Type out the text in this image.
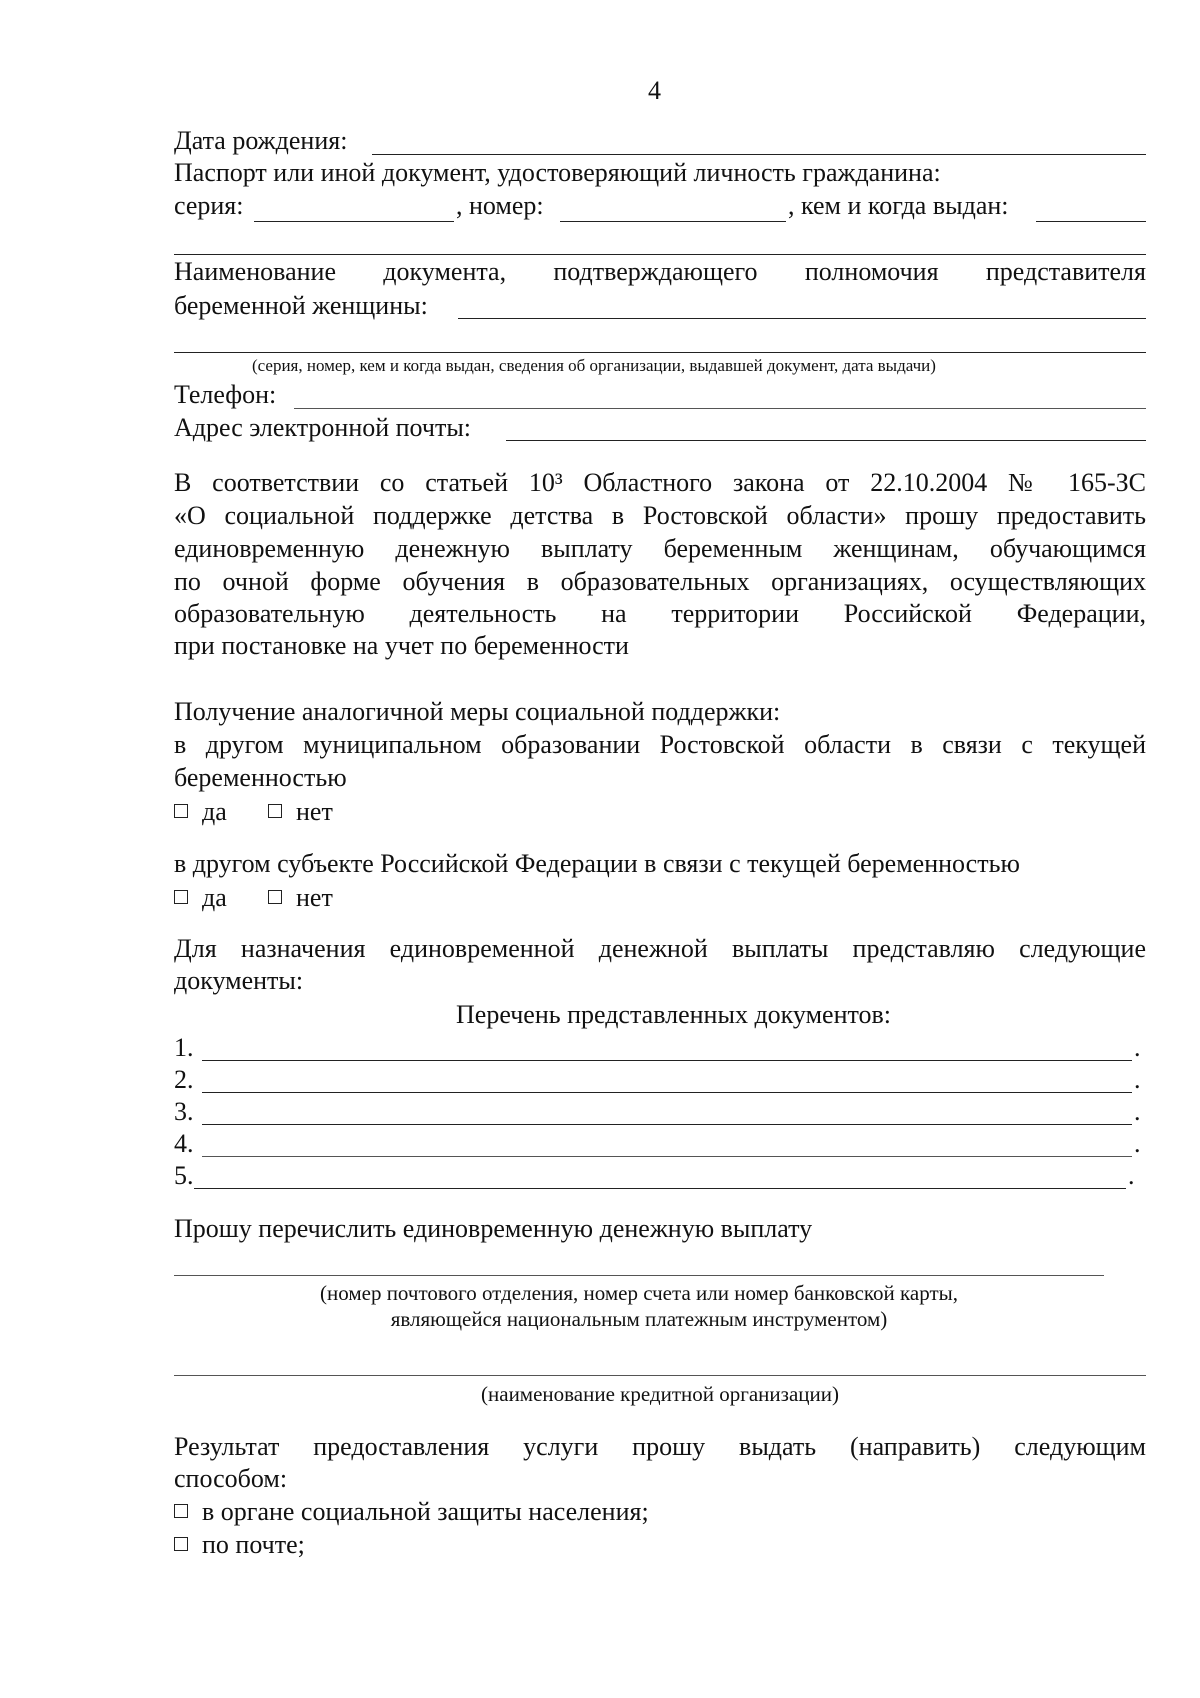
4
Дата рождения:
Паспорт или иной документ, удостоверяющий личность гражданина:
серия:	, номер:	, кем и когда выдан:
Наименование документа, подтверждающего полномочия представителя
беременной женщины:
(серия, номер, кем и когда выдан, сведения об организации, выдавшей документ, дата выдачи)
Телефон:
Адрес электронной почты:
В соответствии со статьей 10³ Областного закона от 22.10.2004 № 165-ЗС
«О социальной поддержке детства в Ростовской области» прошу предоставить
единовременную денежную выплату беременным женщинам, обучающимся
по очной форме обучения в образовательных организациях, осуществляющих
образовательную деятельность на территории Российской Федерации,
при постановке на учет по беременности
Получение аналогичной меры социальной поддержки:
в другом муниципальном образовании Ростовской области в связи с текущей
беременностью
да	нет
в другом субъекте Российской Федерации в связи с текущей беременностью
да	нет
Для назначения единовременной денежной выплаты представляю следующие
документы:
Перечень представленных документов:
1.	.
2.	.
3.	.
4.	.
5.	.
Прошу перечислить единовременную денежную выплату
(номер почтового отделения, номер счета или номер банковской карты,
являющейся национальным платежным инструментом)
(наименование кредитной организации)
Результат предоставления услуги прошу выдать (направить) следующим
способом:
в органе социальной защиты населения;
по почте;
